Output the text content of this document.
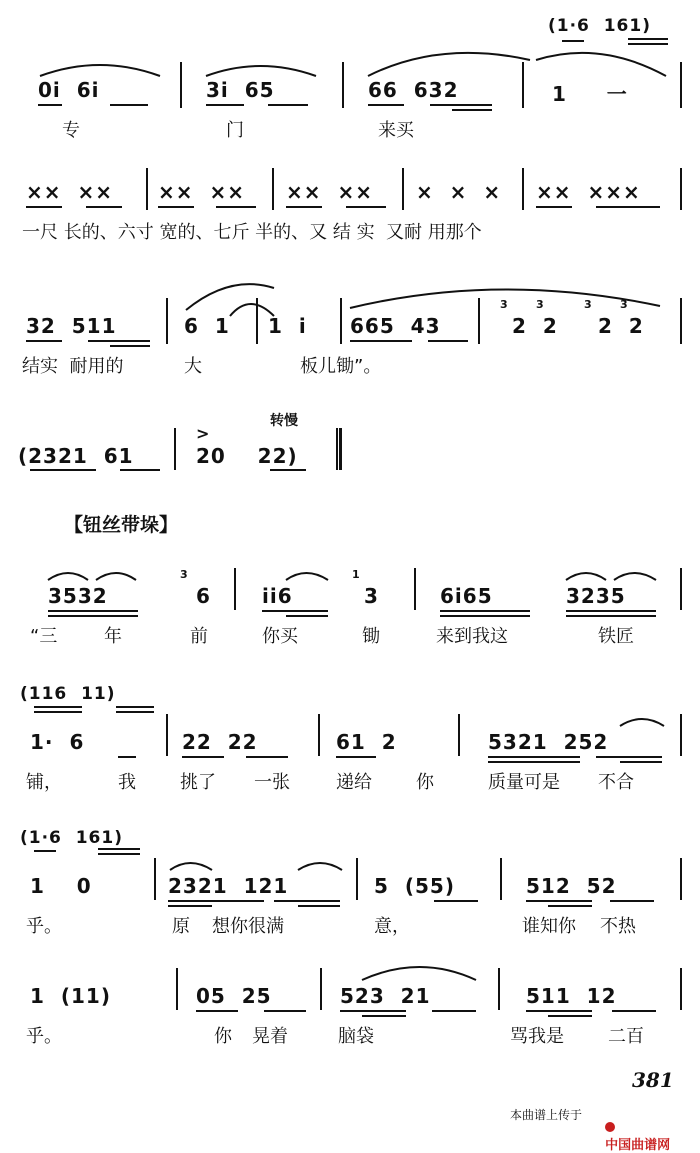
(1·6  161)
0i  6i	3i  65	66  632	1     一
专	门	来买
××  ×× ××  ×× ××  ×× ×  ×  × ××  ×××
一尺 长的、六寸 宽的、七斤 半的、又 结 实  又耐 用那个
32  511	6  1 1  i 665  43	2  2 2  2
3	3	3	3
结实  耐用的	大	板儿锄”。
转慢
>
(2321  61	20    22)
【钮丝带垛】
3532
3
6	ii6
1
3	6i65	3235
“三	年	前	你买	锄	来到我这	铁匠
(116  11)
1·  6	22  22	61  2	5321  252
铺，	我 挑了 一张	递给 你	质量可是 不合
(1·6  161)
1    0	2321  121	5  (55)	512  52
乎。	原 想你很满	意，	谁知你 不热
1  (11)	05  25	523  21	511  12
乎。	你 晃着	脑袋	骂我是 二百
381
本曲谱上传于

中国曲谱网
